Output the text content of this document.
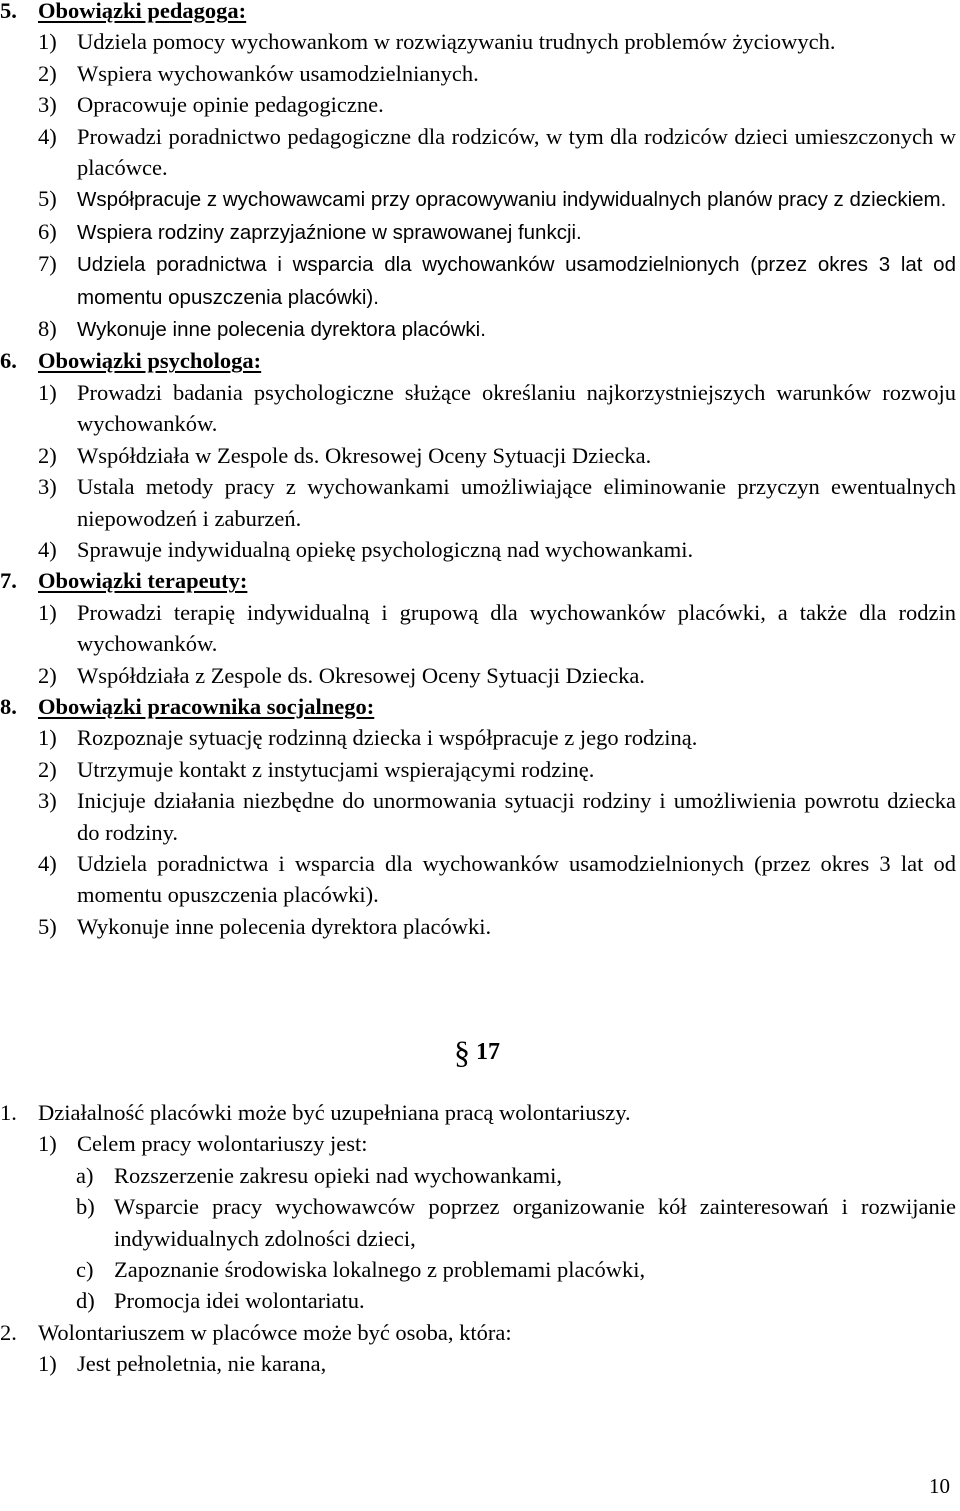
5. Obowiązki pedagoga:
1) Udziela pomocy wychowankom w rozwiązywaniu trudnych problemów życiowych.
2) Wspiera wychowanków usamodzielnianych.
3) Opracowuje opinie pedagogiczne.
4) Prowadzi poradnictwo pedagogiczne dla rodziców, w tym dla rodziców dzieci umieszczonych w placówce.
5) Współpracuje z wychowawcami przy opracowywaniu indywidualnych planów pracy z dzieckiem.
6) Wspiera rodziny zaprzyjaźnione w sprawowanej funkcji.
7) Udziela poradnictwa i wsparcia dla wychowanków usamodzielnionych (przez okres 3 lat od momentu opuszczenia placówki).
8) Wykonuje inne polecenia dyrektora placówki.
6. Obowiązki psychologa:
1) Prowadzi badania psychologiczne służące określaniu najkorzystniejszych warunków rozwoju wychowanków.
2) Współdziała w Zespole ds. Okresowej Oceny Sytuacji Dziecka.
3) Ustala metody pracy z wychowankami umożliwiające eliminowanie przyczyn ewentualnych niepowodzeń i zaburzeń.
4) Sprawuje indywidualną opiekę psychologiczną nad wychowankami.
7. Obowiązki terapeuty:
1) Prowadzi terapię indywidualną i grupową dla wychowanków placówki, a także dla rodzin wychowanków.
2) Współdziała z Zespole ds. Okresowej Oceny Sytuacji Dziecka.
8. Obowiązki pracownika socjalnego:
1) Rozpoznaje sytuację rodzinną dziecka i współpracuje z jego rodziną.
2) Utrzymuje kontakt z instytucjami wspierającymi rodzinę.
3) Inicjuje działania niezbędne do unormowania sytuacji rodziny i umożliwienia powrotu dziecka do rodziny.
4) Udziela poradnictwa i wsparcia dla wychowanków usamodzielnionych (przez okres 3 lat od momentu opuszczenia placówki).
5) Wykonuje inne polecenia dyrektora placówki.
§ 17
1. Działalność placówki może być uzupełniana pracą wolontariuszy.
1) Celem pracy wolontariuszy jest:
a) Rozszerzenie zakresu opieki nad wychowankami,
b) Wsparcie pracy wychowawców poprzez organizowanie kół zainteresowań i rozwijanie indywidualnych zdolności dzieci,
c) Zapoznanie środowiska lokalnego z problemami placówki,
d) Promocja idei wolontariatu.
2. Wolontariuszem w placówce może być osoba, która:
1) Jest pełnoletnia, nie karana,
10
